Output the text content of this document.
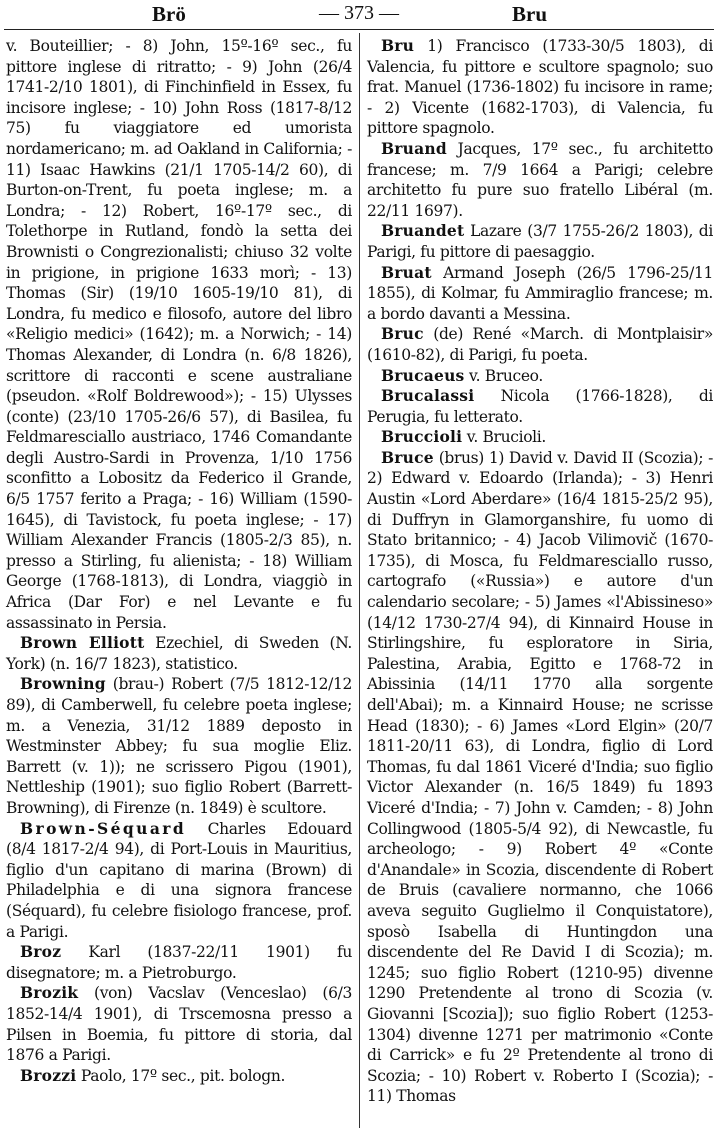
Brö	— 373 —	Bru

v. Bouteillier; - 8) John, 15º-16º sec., fu pittore inglese di ritratto; - 9) John (26/4 1741-2/10 1801), di Finchinfield in Essex, fu incisore inglese; - 10) John Ross (1817-8/12 75) fu viaggiatore ed umorista nordamericano; m. ad Oakland in California; - 11) Isaac Hawkins (21/1 1705-14/2 60), di Burton-on-Trent, fu poeta inglese; m. a Londra; - 12) Robert, 16º-17º sec., di Tolethorpe in Rutland, fondò la setta dei Brownisti o Congrezionalisti; chiuso 32 volte in prigione, in prigione 1633 morì; - 13) Thomas (Sir) (19/10 1605-19/10 81), di Londra, fu medico e filosofo, autore del libro «Religio medici» (1642); m. a Norwich; - 14) Thomas Alexander, di Londra (n. 6/8 1826), scrittore di racconti e scene australiane (pseudon. «Rolf Boldrewood»); - 15) Ulysses (conte) (23/10 1705-26/6 57), di Basilea, fu Feldmaresciallo austriaco, 1746 Comandante degli Austro-Sardi in Provenza, 1/10 1756 sconfitto a Lobositz da Federico il Grande, 6/5 1757 ferito a Praga; - 16) William (1590-1645), di Tavistock, fu poeta inglese; - 17) William Alexander Francis (1805-2/3 85), n. presso a Stirling, fu alienista; - 18) William George (1768-1813), di Londra, viaggiò in Africa (Dar For) e nel Levante e fu assassinato in Persia.

Brown Elliott Ezechiel, di Sweden (N. York) (n. 16/7 1823), statistico.

Browning (brau-) Robert (7/5 1812-12/12 89), di Camberwell, fu celebre poeta inglese; m. a Venezia, 31/12 1889 deposto in Westminster Abbey; fu sua moglie Eliz. Barrett (v. 1)); ne scrissero Pigou (1901), Nettleship (1901); suo figlio Robert (Barrett-Browning), di Firenze (n. 1849) è scultore.

Brown-Séquard Charles Edouard (8/4 1817-2/4 94), di Port-Louis in Mauritius, figlio d'un capitano di marina (Brown) di Philadelphia e di una signora francese (Séquard), fu celebre fisiologo francese, prof. a Parigi.

Broz Karl (1837-22/11 1901) fu disegnatore; m. a Pietroburgo.

Brozik (von) Vacslav (Venceslao) (6/3 1852-14/4 1901), di Trscemosna presso a Pilsen in Boemia, fu pittore di storia, dal 1876 a Parigi.

Brozzi Paolo, 17º sec., pit. bologn.

Bru 1) Francisco (1733-30/5 1803), di Valencia, fu pittore e scultore spagnolo; suo frat. Manuel (1736-1802) fu incisore in rame; - 2) Vicente (1682-1703), di Valencia, fu pittore spagnolo.

Bruand Jacques, 17º sec., fu architetto francese; m. 7/9 1664 a Parigi; celebre architetto fu pure suo fratello Libéral (m. 22/11 1697).

Bruandet Lazare (3/7 1755-26/2 1803), di Parigi, fu pittore di paesaggio.

Bruat Armand Joseph (26/5 1796-25/11 1855), di Kolmar, fu Ammiraglio francese; m. a bordo davanti a Messina.

Bruc (de) René «March. di Montplaisir» (1610-82), di Parigi, fu poeta.

Brucaeus v. Bruceo.

Brucalassi Nicola (1766-1828), di Perugia, fu letterato.

Bruccioli v. Brucioli.

Bruce (brus) 1) David v. David II (Scozia); - 2) Edward v. Edoardo (Irlanda); - 3) Henri Austin «Lord Aberdare» (16/4 1815-25/2 95), di Duffryn in Glamorganshire, fu uomo di Stato britannico; - 4) Jacob Vilimovič (1670-1735), di Mosca, fu Feldmaresciallo russo, cartografo («Russia») e autore d'un calendario secolare; - 5) James «l'Abissineso» (14/12 1730-27/4 94), di Kinnaird House in Stirlingshire, fu esploratore in Siria, Palestina, Arabia, Egitto e 1768-72 in Abissinia (14/11 1770 alla sorgente dell'Abai); m. a Kinnaird House; ne scrisse Head (1830); - 6) James «Lord Elgin» (20/7 1811-20/11 63), di Londra, figlio di Lord Thomas, fu dal 1861 Viceré d'India; suo figlio Victor Alexander (n. 16/5 1849) fu 1893 Viceré d'India; - 7) John v. Camden; - 8) John Collingwood (1805-5/4 92), di Newcastle, fu archeologo; - 9) Robert 4º «Conte d'Anandale» in Scozia, discendente di Robert de Bruis (cavaliere normanno, che 1066 aveva seguito Guglielmo il Conquistatore), sposò Isabella di Huntingdon una discendente del Re David I di Scozia); m. 1245; suo figlio Robert (1210-95) divenne 1290 Pretendente al trono di Scozia (v. Giovanni [Scozia]); suo figlio Robert (1253-1304) divenne 1271 per matrimonio «Conte di Carrick» e fu 2º Pretendente al trono di Scozia; - 10) Robert v. Roberto I (Scozia); - 11) Thomas
